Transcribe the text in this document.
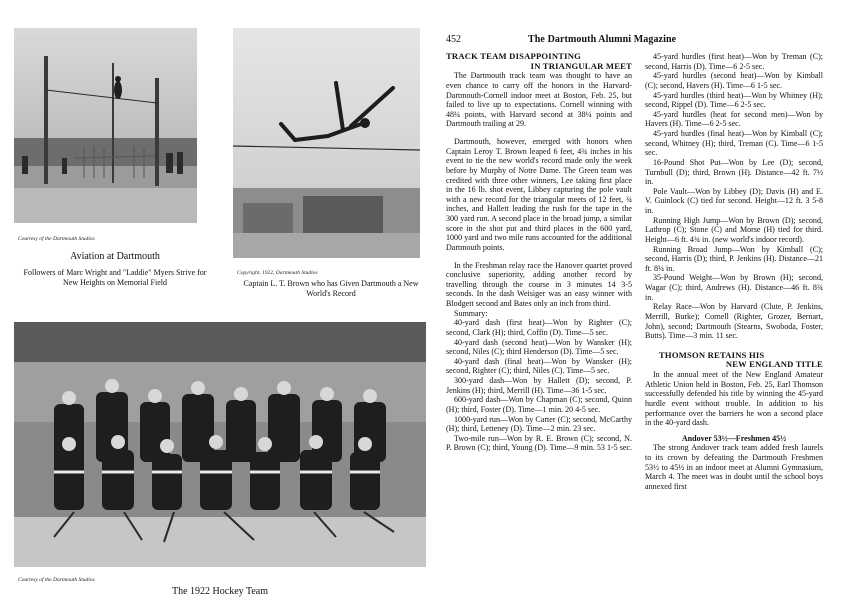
Courtesy of the Dartmouth Studios
Aviation at Dartmouth
Followers of Marc Wright and "Laddie" Myers Strive for New Heights on Memorial Field
Copyright, 1922, Dartmouth Studios
Captain L. T. Brown who has Given Dartmouth a New World's Record
Courtesy of the Dartmouth Studios
The 1922 Hockey Team
452	The Dartmouth Alumni Magazine

TRACK TEAM DISAPPOINTING

IN TRIANGULAR MEET

The Dartmouth track team was thought to have an even chance to carry off the honors in the Harvard-Dartmouth-Cornell indoor meet at Boston, Feb. 25, but failed to live up to expectations. Cornell winning with 48¼ points, with Harvard second at 38¼ points and Dartmouth trailing at 29.

Dartmouth, however, emerged with honors when Captain Leroy T. Brown leaped 6 feet, 4¾ inches in his event to tie the new world's record made only the week before by Murphy of Notre Dame. The Green team was credited with three other winners, Lee taking first place in the 16 lb. shot event, Libbey capturing the pole vault with a new record for the triangular meets of 12 feet, ¾ inches, and Hallett leading the rush for the tape in the 300 yard run. A second place in the broad jump, a similar score in the shot put and third places in the 600 yard, 1000 yard and two mile runs accounted for the additional Dartmouth points.

In the Freshman relay race the Hanover quartet proved conclusive superiority, adding another record by travelling through the course in 3 minutes 14 3-5 seconds. In the dash Weisiger was an easy winner with Blodgett second and Bates only an inch from third.

Summary:

40-yard dash (first heat)—Won by Righter (C); second, Clark (H); third, Coffin (D). Time—5 sec.

40-yard dash (second heat)—Won by Wansker (H); second, Niles (C); third Henderson (D). Time—5 sec.

40-yard dash (final heat)—Won by Wansker (H); second, Righter (C); third, Niles (C). Time—5 sec.

300-yard dash—Won by Hallett (D); second, P. Jenkins (H); third, Merrill (H). Time—36 1-5 sec.

600-yard dash—Won by Chapman (C); second, Quinn (H); third, Foster (D). Time—1 min. 20 4-5 sec.

1000-yard run—Won by Carter (C); second, McCarthy (H); third, Letteney (D). Time—2 min. 23 sec.

Two-mile run—Won by R. E. Brown (C); second, N. P. Brown (C); third, Young (D). Time—9 min. 53 1-5 sec.

45-yard hurdles (first heat)—Won by Treman (C); second, Harris (D). Time—6 2-5 sec.

45-yard hurdles (second heat)—Won by Kimball (C); second, Havers (H). Time—6 1-5 sec.

45-yard hurdles (third heat)—Won by Whitney (H); second, Rippel (D). Time—6 2-5 sec.

45-yard hurdles (heat for second men)—Won by Havers (H). Time—6 2-5 sec.

45-yard hurdles (final heat)—Won by Kimball (C); second, Whitney (H); third, Treman (C). Time—6 1-5 sec.

16-Pound Shot Put—Won by Lee (D); second, Turnbull (D); third, Brown (H). Distance—42 ft. 7½ in.

Pole Vault—Won by Libbey (D); Davis (H) and E. V. Guinlock (C) tied for second. Height—12 ft. 3 5-8 in.

Running High Jump—Won by Brown (D); second, Lathrop (C); Stone (C) and Morse (H) tied for third. Height—6 ft. 4¾ in. (new world's indoor record).

Running Broad Jump—Won by Kimball (C); second, Harris (D); third, P. Jenkins (H). Distance—21 ft. 8¼ in.

35-Pound Weight—Won by Brown (H); second, Wagar (C); third, Andrews (H). Distance—46 ft. 8¾ in.

Relay Race—Won by Harvard (Clute, P. Jenkins, Merrill, Burke); Cornell (Righter, Grozer, Bernart, John), second; Dartmouth (Stearns, Swoboda, Foster, Butts). Time—3 min. 11 sec.

THOMSON RETAINS HIS

NEW ENGLAND TITLE

In the annual meet of the New England Amateur Athletic Union held in Boston, Feb. 25, Earl Thomson successfully defended his title by winning the 45-yard hurdle event without trouble. In addition to his performance over the barriers he won a second place in the 40-yard dash.

Andover 53½—Freshmen 45½

The strong Andover track team added fresh laurels to its crown by defeating the Dartmouth Freshmen 53½ to 45½ in an indoor meet at Alumni Gymnasium, March 4. The meet was in doubt until the school boys annexed first
